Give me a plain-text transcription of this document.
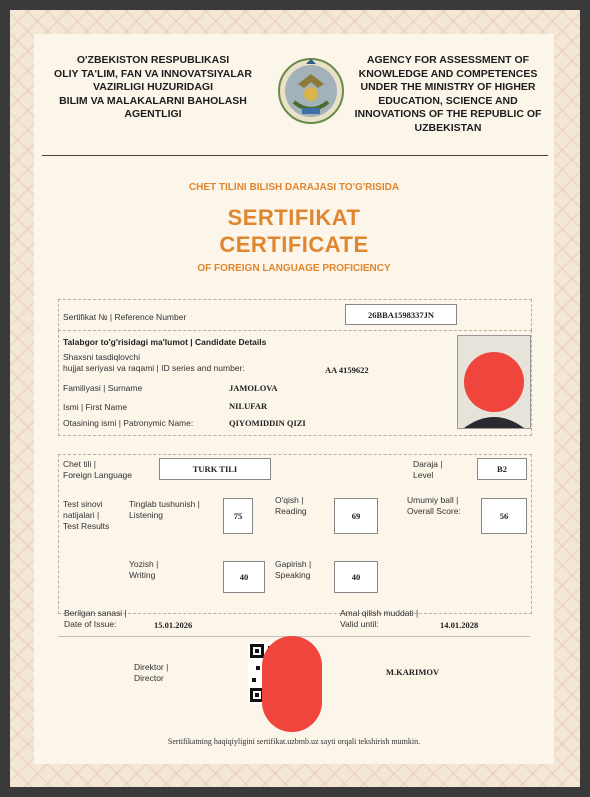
O'ZBEKISTON RESPUBLIKASI
OLIY TA'LIM, FAN VA INNOVATSIYALAR
VAZIRLIGI HUZURIDAGI
BILIM VA MALAKALARNI BAHOLASH
AGENTLIGI
AGENCY FOR ASSESSMENT OF
KNOWLEDGE AND COMPETENCES
UNDER THE MINISTRY OF HIGHER
EDUCATION, SCIENCE AND
INNOVATIONS OF THE REPUBLIC OF
UZBEKISTAN
CHET TILINI BILISH DARAJASI TO'G'RISIDA
SERTIFIKAT
CERTIFICATE
OF FOREIGN LANGUAGE PROFICIENCY
Sertifikat № | Reference Number	26BBA1598337JN
Talabgor to'g'risidagi ma'lumot | Candidate Details
Shaxsni tasdiqlovchi
hujjat seriyasi va raqami | ID series and number:	AA 4159622
Familiyasi | Surname	JAMOLOVA
Ismi | First Name	NILUFAR
Otasining ismi | Patronymic Name:	QIYOMIDDIN QIZI
Chet tili |
Foreign Language
TURK TILI	Daraja |
Level
B2
Test sinovi
natijalari |
Test Results
Tinglab tushunish |
Listening	75
O'qish |
Reading	69
Umumiy ball |
Overall Score:	56
Yozish |
Writing	40
Gapirish |
Speaking	40
Berilgan sanasi |
Date of Issue:	15.01.2026
Amal qilish muddati |
Valid until:	14.01.2028
Direktor |
Director
M.KARIMOV
Sertifikatning haqiqiyligini sertifikat.uzbmb.uz sayti orqali tekshirish mumkin.
